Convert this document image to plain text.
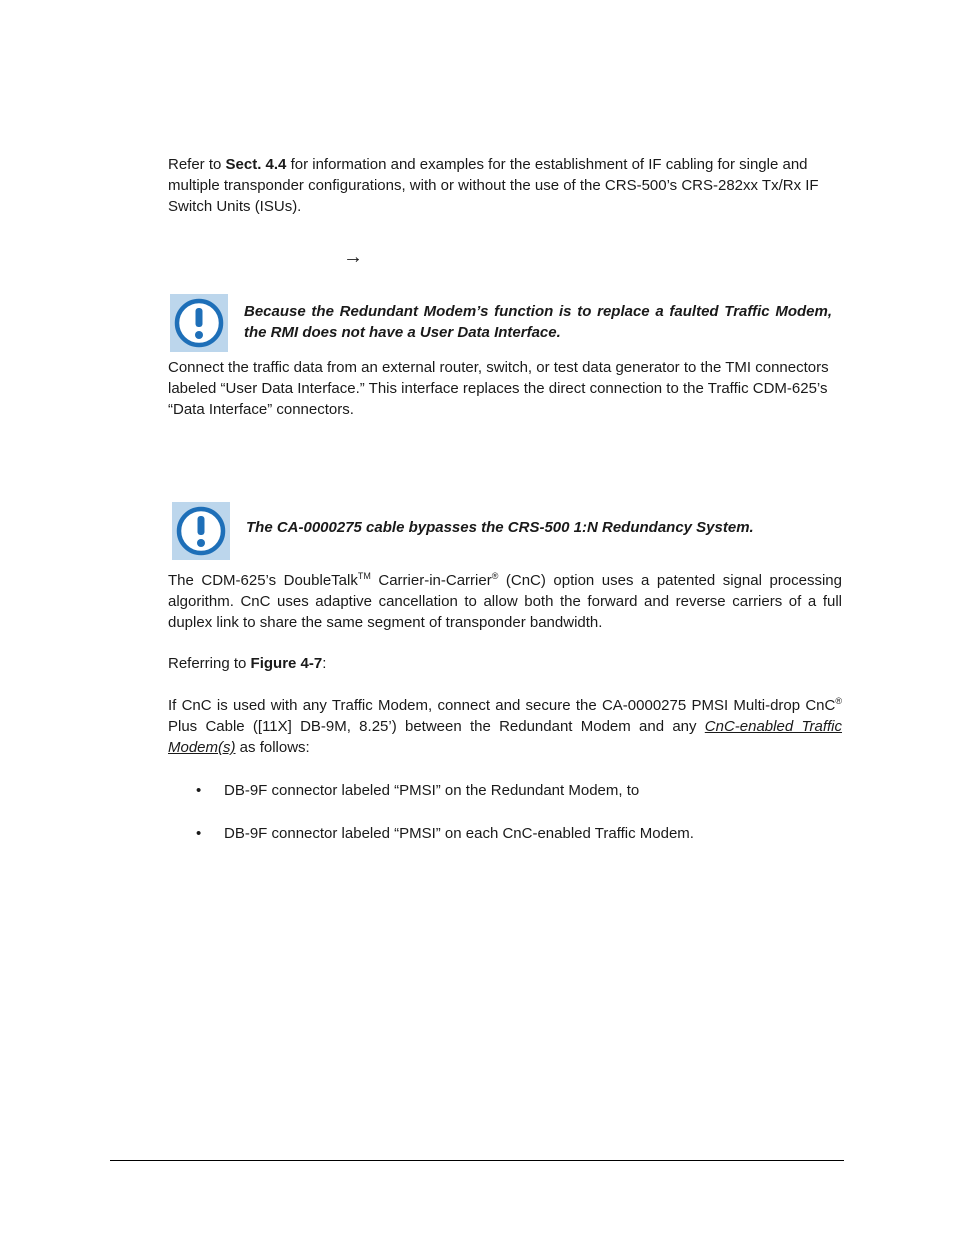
Refer to Sect. 4.4 for information and examples for the establishment of IF cabling for single and multiple transponder configurations, with or without the use of the CRS-500’s CRS-282xx Tx/Rx IF Switch Units (ISUs).

→
Because the Redundant Modem’s function is to replace a faulted Traffic Modem, the RMI does not have a User Data Interface.

Connect the traffic data from an external router, switch, or test data generator to the TMI connectors labeled “User Data Interface.” This interface replaces the direct connection to the Traffic CDM-625’s “Data Interface” connectors.

The CA-0000275 cable bypasses the CRS-500 1:N Redundancy System.

The CDM-625’s DoubleTalk™ Carrier-in-Carrier® (CnC) option uses a patented signal processing algorithm. CnC uses adaptive cancellation to allow both the forward and reverse carriers of a full duplex link to share the same segment of transponder bandwidth.

Referring to Figure 4-7:

If CnC is used with any Traffic Modem, connect and secure the CA-0000275 PMSI Multi-drop CnC® Plus Cable ([11X] DB-9M, 8.25’) between the Redundant Modem and any CnC-enabled Traffic Modem(s) as follows:

• DB-9F connector labeled “PMSI” on the Redundant Modem, to
• DB-9F connector labeled “PMSI” on each CnC-enabled Traffic Modem.
